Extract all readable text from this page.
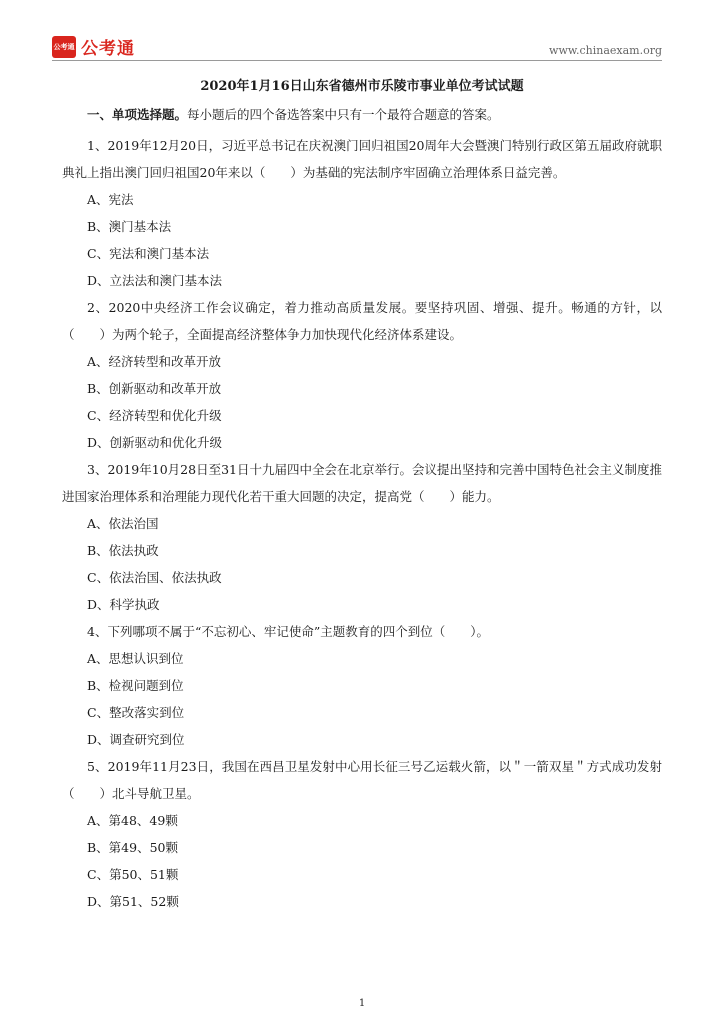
公考通 公考通	www.chinaexam.org

2020年1月16日山东省德州市乐陵市事业单位考试试题

一、单项选择题。每小题后的四个备选答案中只有一个最符合题意的答案。

1、2019年12月20日，习近平总书记在庆祝澳门回归祖国20周年大会暨澳门特别行政区第五届政府就职典礼上指出澳门回归祖国20年来以（　　）为基础的宪法制序牢固确立治理体系日益完善。

A、宪法

B、澳门基本法

C、宪法和澳门基本法

D、立法法和澳门基本法

2、2020中央经济工作会议确定，着力推动高质量发展。要坚持巩固、增强、提升。畅通的方针，以（　　）为两个轮子，全面提高经济整体争力加快现代化经济体系建设。

A、经济转型和改革开放

B、创新驱动和改革开放

C、经济转型和优化升级

D、创新驱动和优化升级

3、2019年10月28日至31日十九届四中全会在北京举行。会议提出坚持和完善中国特色社会主义制度推进国家治理体系和治理能力现代化若干重大回题的决定，提高党（　　）能力。

A、依法治国

B、依法执政

C、依法治国、依法执政

D、科学执政

4、下列哪项不属于“不忘初心、牢记使命”主题教育的四个到位（　　）。

A、思想认识到位

B、检视问题到位

C、整改落实到位

D、调查研究到位

5、2019年11月23日，我国在西昌卫星发射中心用长征三号乙运载火箭，以＂一箭双星＂方式成功发射（　　）北斗导航卫星。

A、第48、49颗

B、第49、50颗

C、第50、51颗

D、第51、52颗

1
